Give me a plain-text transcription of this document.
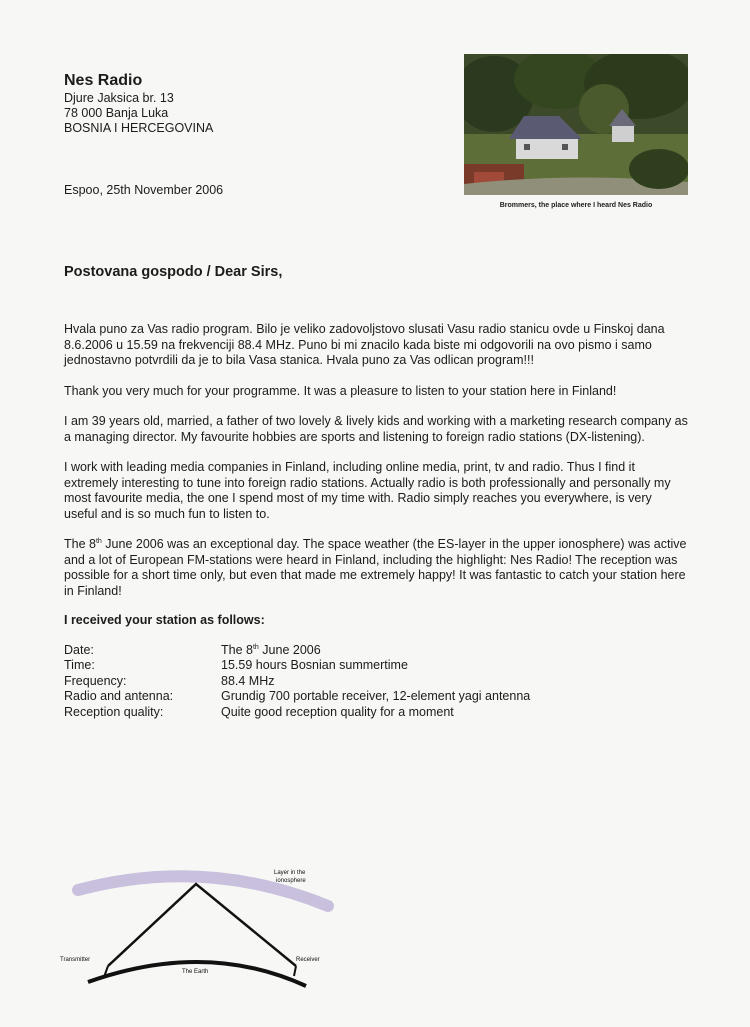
Nes Radio
Djure Jaksica br. 13
78 000 Banja Luka
BOSNIA I HERCEGOVINA
Espoo, 25th November 2006
Brommers, the place where I heard Nes Radio
Postovana gospodo / Dear Sirs,

Hvala puno za Vas radio program. Bilo je veliko zadovoljstovo slusati Vasu radio stanicu ovde u Finskoj dana 8.6.2006 u 15.59 na frekvenciji 88.4 MHz. Puno bi mi znacilo kada biste mi odgovorili na ovo pismo i samo jednostavno potvrdili da je to bila Vasa stanica. Hvala puno za Vas odlican program!!!

Thank you very much for your programme. It was a pleasure to listen to your station here in Finland!

I am 39 years old, married, a father of two lovely & lively kids and working with a marketing research company as a managing director. My favourite hobbies are sports and listening to foreign radio stations (DX-listening).

I work with leading media companies in Finland, including online media, print, tv and radio. Thus I find it extremely interesting to tune into foreign radio stations. Actually radio is both professionally and personally my most favourite media, the one I spend most of my time with. Radio simply reaches you everywhere, is very useful and is so much fun to listen to.

The 8th June 2006 was an exceptional day. The space weather (the ES-layer in the upper ionosphere) was active and a lot of European FM-stations were heard in Finland, including the highlight: Nes Radio! The reception was possible for a short time only, but even that made me extremely happy! It was fantastic to catch your station here in Finland!

I received your station as follows:
Date:	The 8th June 2006
Time:	15.59 hours Bosnian summertime
Frequency:	88.4 MHz
Radio and antenna:	Grundig 700 portable receiver, 12-element yagi antenna
Reception quality:	Quite good reception quality for a moment
Layer in the
ionosphere
Transmitter	Receiver
The Earth
